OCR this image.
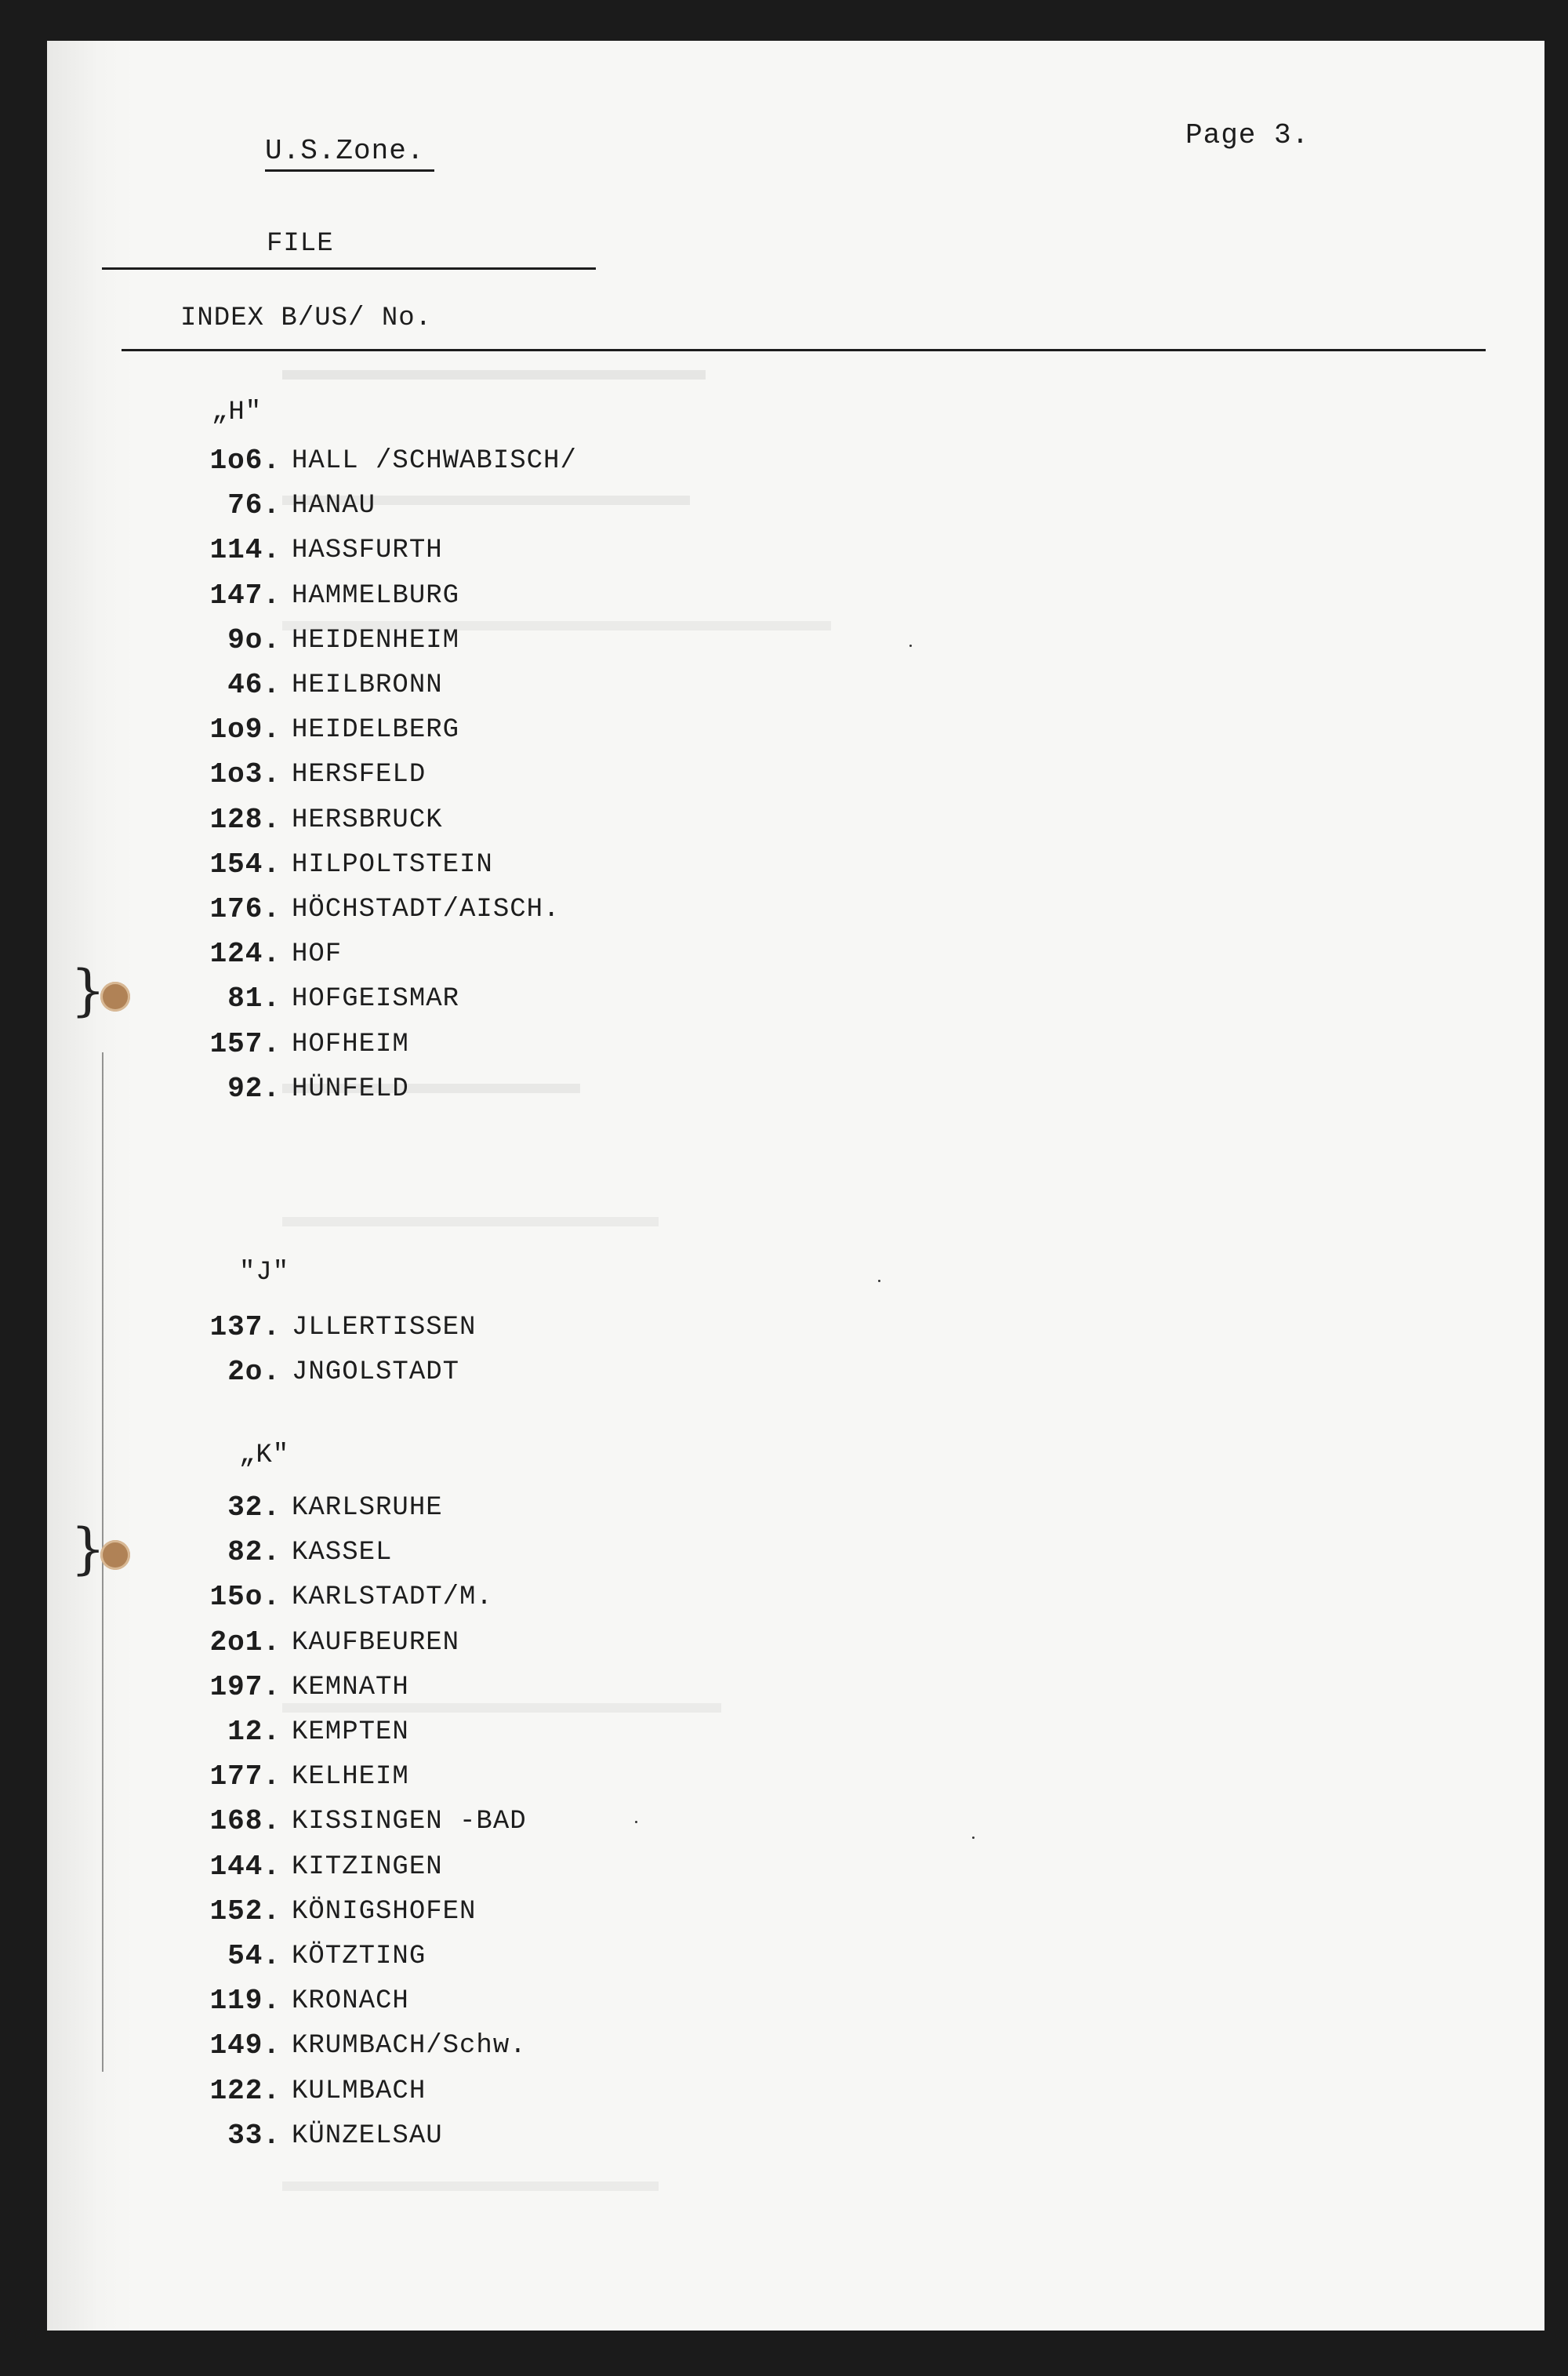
}
}
U.S.Zone.	Page 3.
FILE
INDEX B/US/ No.
„H"
1o6. HALL /SCHWABISCH/
76. HANAU
114. HASSFURTH
147. HAMMELBURG
9o. HEIDENHEIM
46. HEILBRONN
1o9. HEIDELBERG
1o3. HERSFELD
128. HERSBRUCK
154. HILPOLTSTEIN
176. HÖCHSTADT/AISCH.
124. HOF
81. HOFGEISMAR
157. HOFHEIM
92. HÜNFELD
"J"
137. JLLERTISSEN
2o. JNGOLSTADT
„K"
32. KARLSRUHE
82. KASSEL
15o. KARLSTADT/M.
2o1. KAUFBEUREN
197. KEMNATH
12. KEMPTEN
177. KELHEIM
168. KISSINGEN -BAD
144. KITZINGEN
152. KÖNIGSHOFEN
54. KÖTZTING
119. KRONACH
149. KRUMBACH/Schw.
122. KULMBACH
33. KÜNZELSAU
